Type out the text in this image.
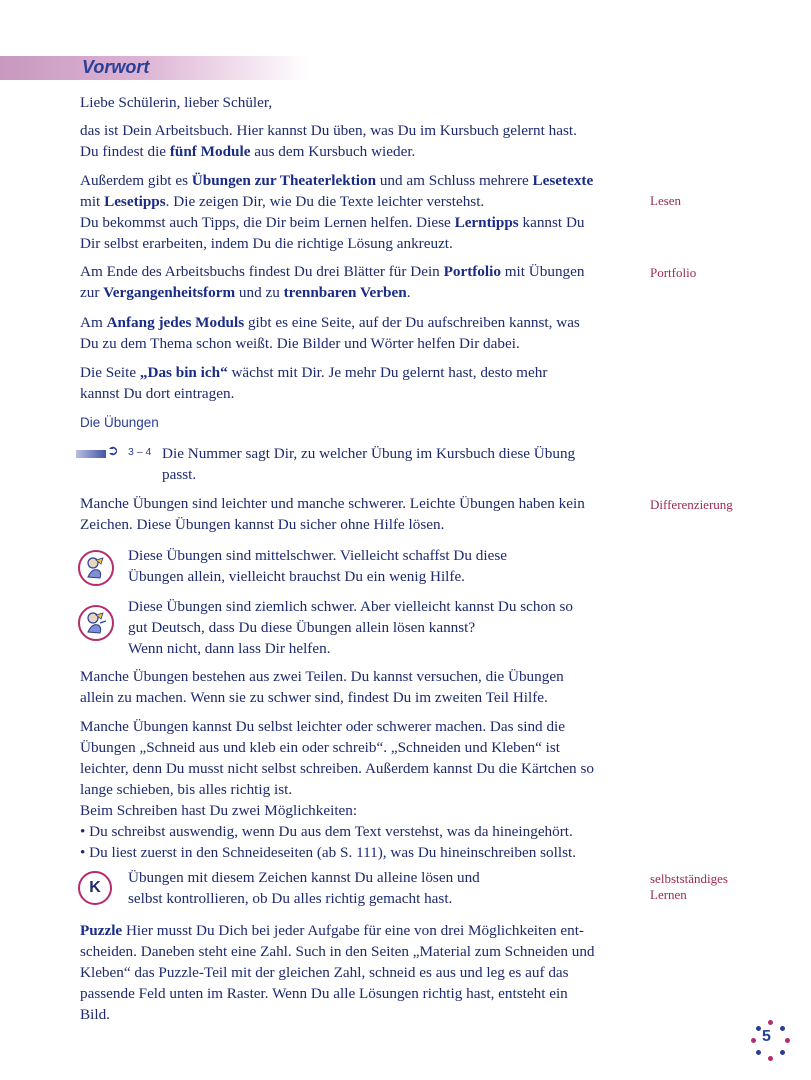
Vorwort
Liebe Schülerin, lieber Schüler,
das ist Dein Arbeitsbuch. Hier kannst Du üben, was Du im Kursbuch gelernt hast.
Du findest die fünf Module aus dem Kursbuch wieder.
Außerdem gibt es Übungen zur Theaterlektion und am Schluss mehrere Lesetexte
mit Lesetipps. Die zeigen Dir, wie Du die Texte leichter verstehst.
Du bekommst auch Tipps, die Dir beim Lernen helfen. Diese Lerntipps kannst Du
Dir selbst erarbeiten, indem Du die richtige Lösung ankreuzt.
Lesen
Am Ende des Arbeitsbuchs findest Du drei Blätter für Dein Portfolio mit Übungen
zur Vergangenheitsform und zu trennbaren Verben.
Portfolio
Am Anfang jedes Moduls gibt es eine Seite, auf der Du aufschreiben kannst, was
Du zu dem Thema schon weißt. Die Bilder und Wörter helfen Dir dabei.
Die Seite „Das bin ich“ wächst mit Dir. Je mehr Du gelernt hast, desto mehr
kannst Du dort eintragen.
Die Übungen
➲ 3 – 4 Die Nummer sagt Dir, zu welcher Übung im Kursbuch diese Übung
passt.
Manche Übungen sind leichter und manche schwerer. Leichte Übungen haben kein
Zeichen. Diese Übungen kannst Du sicher ohne Hilfe lösen.
Differenzierung
Diese Übungen sind mittelschwer. Vielleicht schaffst Du diese
Übungen allein, vielleicht brauchst Du ein wenig Hilfe.
Diese Übungen sind ziemlich schwer. Aber vielleicht kannst Du schon so
gut Deutsch, dass Du diese Übungen allein lösen kannst?
Wenn nicht, dann lass Dir helfen.
Manche Übungen bestehen aus zwei Teilen. Du kannst versuchen, die Übungen
allein zu machen. Wenn sie zu schwer sind, findest Du im zweiten Teil Hilfe.
Manche Übungen kannst Du selbst leichter oder schwerer machen. Das sind die
Übungen „Schneid aus und kleb ein oder schreib“. „Schneiden und Kleben“ ist
leichter, denn Du musst nicht selbst schreiben. Außerdem kannst Du die Kärtchen so
lange schieben, bis alles richtig ist.
Beim Schreiben hast Du zwei Möglichkeiten:
• Du schreibst auswendig, wenn Du aus dem Text verstehst, was da hineingehört.
• Du liest zuerst in den Schneideseiten (ab S. 111), was Du hineinschreiben sollst.
K
Übungen mit diesem Zeichen kannst Du alleine lösen und
selbst kontrollieren, ob Du alles richtig gemacht hast.
selbstständiges
Lernen
Puzzle Hier musst Du Dich bei jeder Aufgabe für eine von drei Möglichkeiten ent-
scheiden. Daneben steht eine Zahl. Such in den Seiten „Material zum Schneiden und
Kleben“ das Puzzle-Teil mit der gleichen Zahl, schneid es aus und leg es auf das
passende Feld unten im Raster. Wenn Du alle Lösungen richtig hast, entsteht ein
Bild.
5
